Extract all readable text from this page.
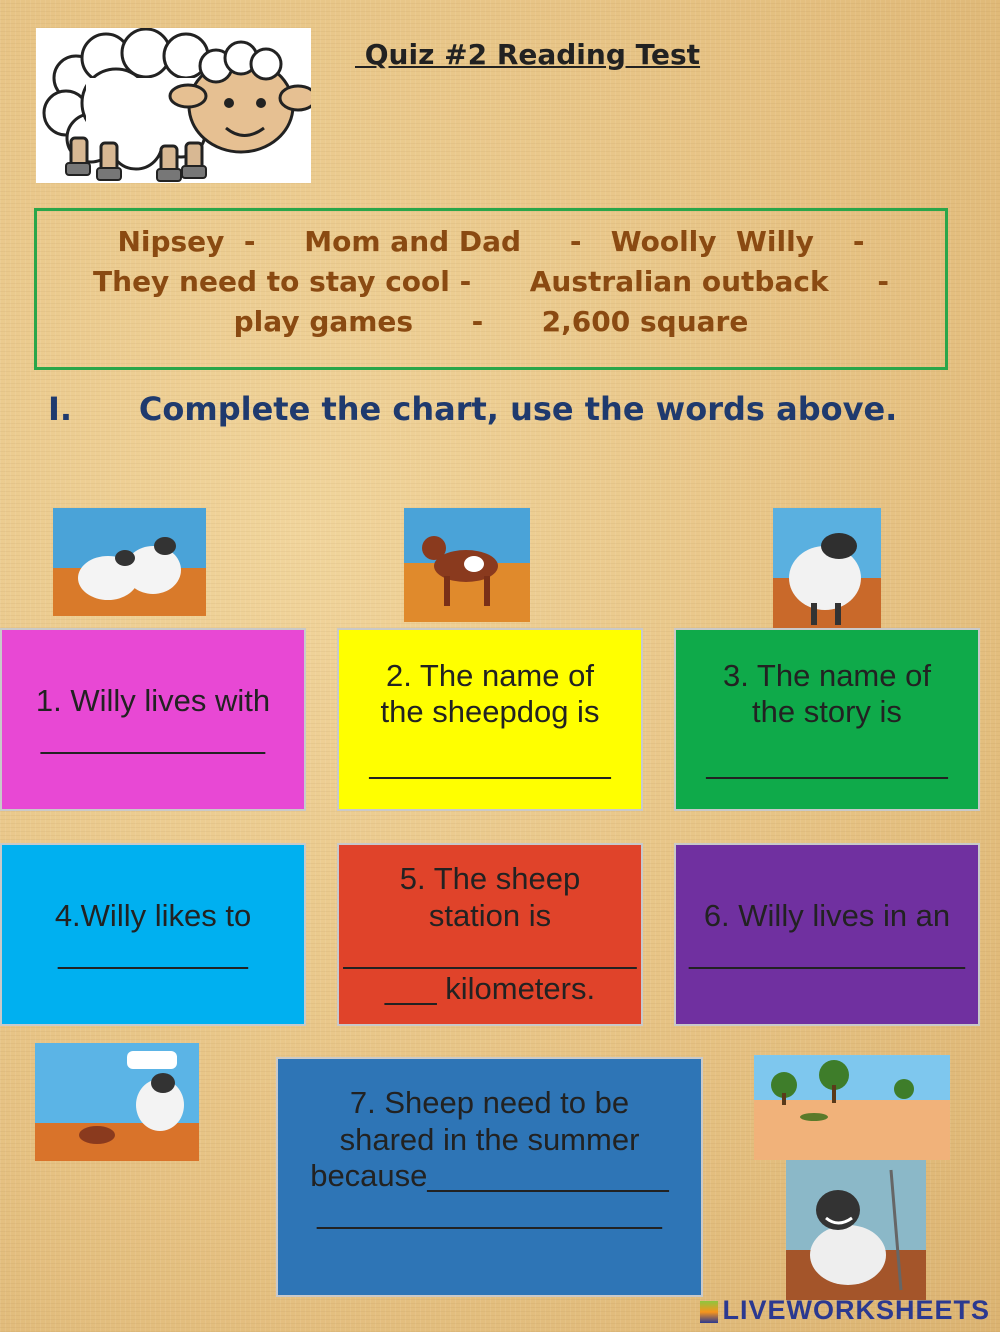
Quiz #2 Reading Test
Nipsey  -     Mom and Dad     -   Woolly  Willy    -
They need to stay cool -      Australian outback     -
play games      -      2,600 square
I.      Complete the chart, use the words above.
1. Willy lives with
_____________
2. The name of
the sheepdog is
______________
3. The name of
the story is
______________
4.Willy likes to
___________
5. The sheep
station is
_________________
___ kilometers.
6. Willy lives in an
________________
7. Sheep need to be
shared in the summer
because______________
____________________
LIVEWORKSHEETS
